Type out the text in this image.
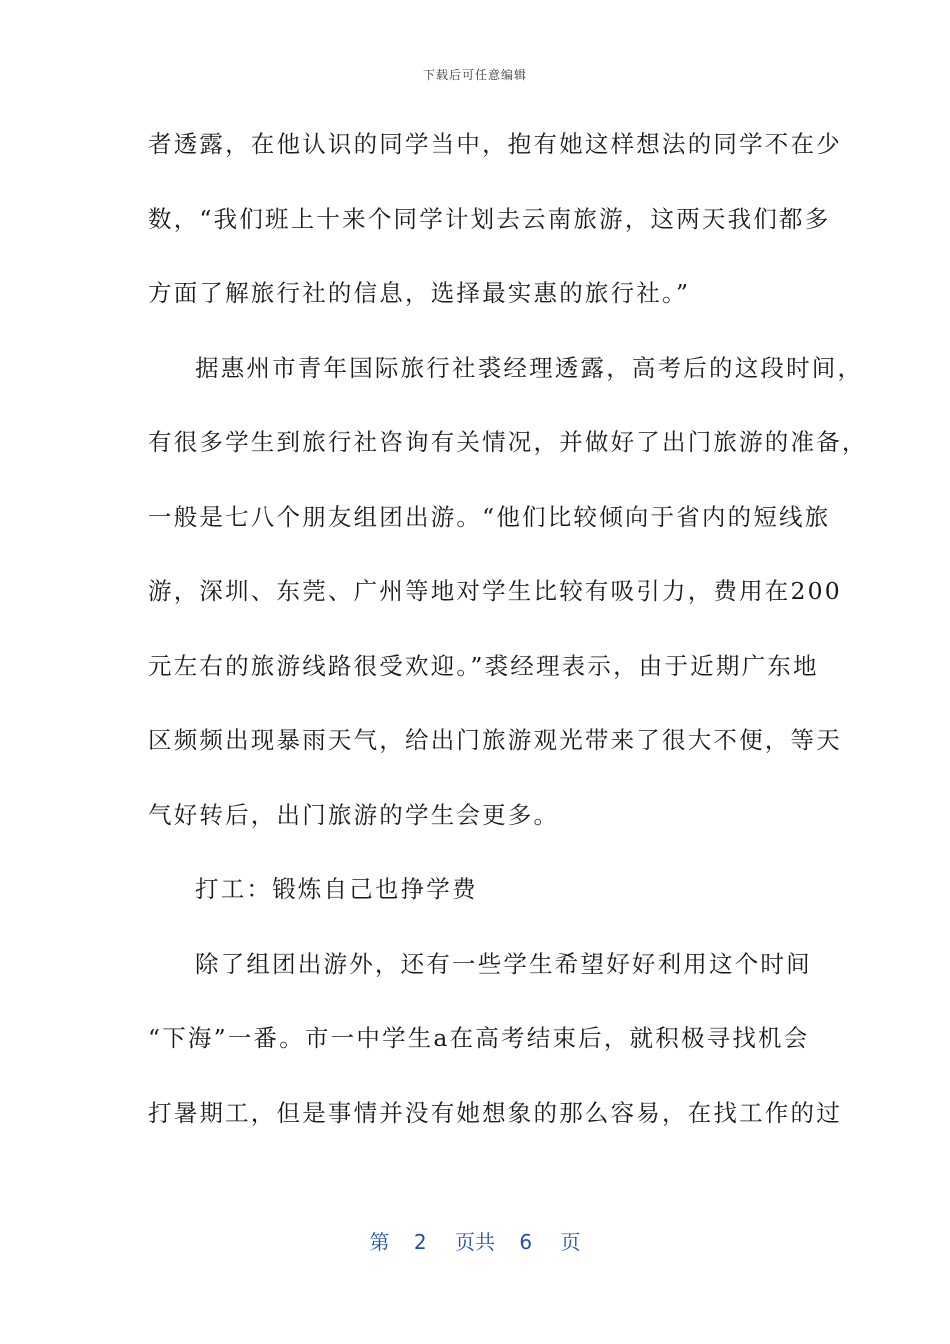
下载后可任意编辑
者透露，在他认识的同学当中，抱有她这样想法的同学不在少
数，“我们班上十来个同学计划去云南旅游，这两天我们都多
方面了解旅行社的信息，选择最实惠的旅行社。”
据惠州市青年国际旅行社裘经理透露，高考后的这段时间，
有很多学生到旅行社咨询有关情况，并做好了出门旅游的准备，
一般是七八个朋友组团出游。“他们比较倾向于省内的短线旅
游，深圳、东莞、广州等地对学生比较有吸引力，费用在200
元左右的旅游线路很受欢迎。”裘经理表示，由于近期广东地
区频频出现暴雨天气，给出门旅游观光带来了很大不便，等天
气好转后，出门旅游的学生会更多。
打工：锻炼自己也挣学费
除了组团出游外，还有一些学生希望好好利用这个时间
“下海”一番。市一中学生a在高考结束后，就积极寻找机会
打暑期工，但是事情并没有她想象的那么容易，在找工作的过
第 2 页共 6 页
